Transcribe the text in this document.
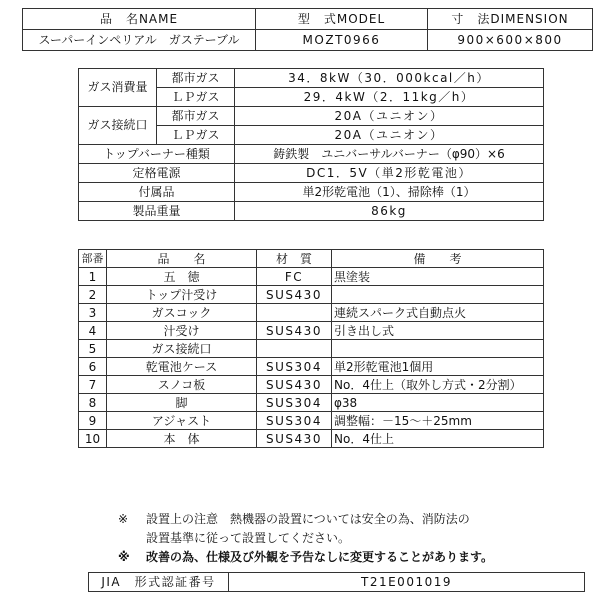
品　名NAME	型　式MODEL	寸　法DIMENSION
スーパーインペリアル　ガステーブル	MOZT0966	900×600×800
ガス消費量	都市ガス	34．8kW（30．000kcal／h）
	ＬＰガス	29．4kW（2．11kg／h）
ガス接続口	都市ガス	20A（ユニオン）
	ＬＰガス	20A（ユニオン）
トップバーナー種類		鋳鉄製　ユニバーサルバーナー（φ90）×6
定格電源		DC1．5V（単2形乾電池）
付属品		単2形乾電池（1）、掃除棒（1）
製品重量		86kg
部番	品　　名	材　質	備　　考
1	五　徳	FC	黒塗装
2	トップ汁受け	SUS430	
3	ガスコック		連続スパーク式自動点火
4	汁受け	SUS430	引き出し式
5	ガス接続口		
6	乾電池ケース	SUS304	単2形乾電池1個用
7	スノコ板	SUS430	No．4仕上（取外し方式・2分割）
8	脚	SUS304	φ38
9	アジャスト	SUS304	調整幅：－15～＋25mm
10	本　体	SUS430	No．4仕上
※ 設置上の注意　熱機器の設置については安全の為、消防法の
設置基準に従って設置してください。
※ 改善の為、仕様及び外観を予告なしに変更することがあります。
JIA　形式認証番号	T21E001019
